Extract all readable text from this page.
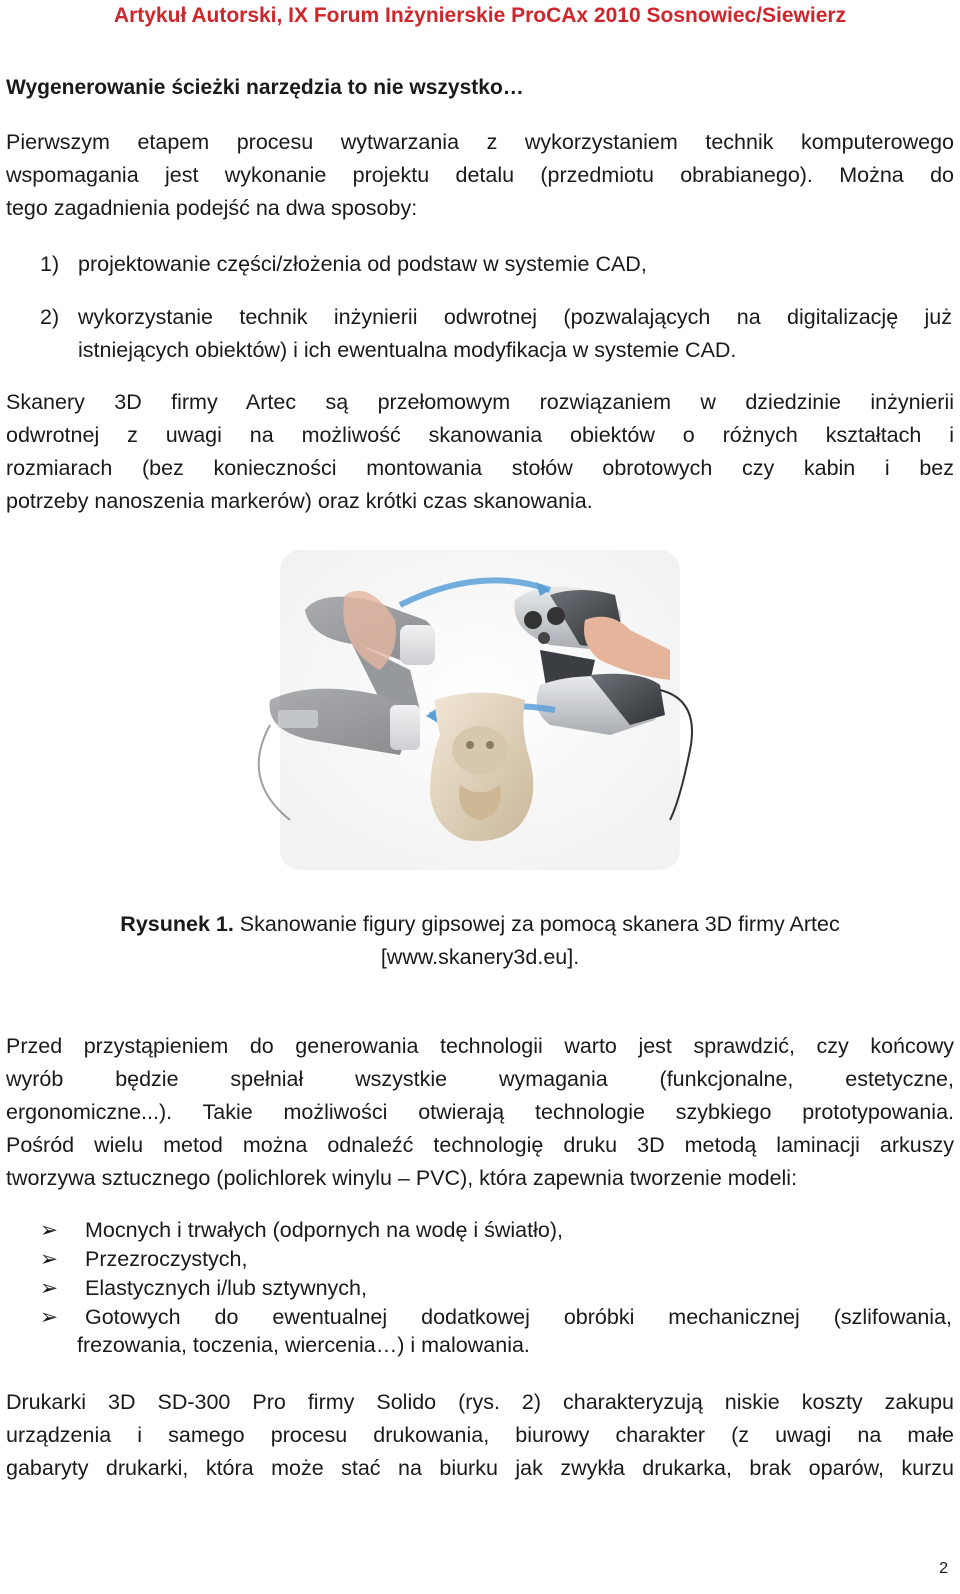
Artykuł Autorski, IX Forum Inżynierskie ProCAx 2010 Sosnowiec/Siewierz
Wygenerowanie ścieżki narzędzia to nie wszystko…
Pierwszym etapem procesu wytwarzania z wykorzystaniem technik komputerowego
wspomagania jest wykonanie projektu detalu (przedmiotu obrabianego). Można do
tego zagadnienia podejść na dwa sposoby:
1) projektowanie części/złożenia od podstaw w systemie CAD,
2) wykorzystanie technik inżynierii odwrotnej (pozwalających na digitalizację już
istniejących obiektów) i ich ewentualna modyfikacja w systemie CAD.
Skanery 3D firmy Artec są przełomowym rozwiązaniem w dziedzinie inżynierii
odwrotnej z uwagi na możliwość skanowania obiektów o różnych kształtach i
rozmiarach (bez konieczności montowania stołów obrotowych czy kabin i bez
potrzeby nanoszenia markerów) oraz krótki czas skanowania.
Rysunek 1. Skanowanie figury gipsowej za pomocą skanera 3D firmy Artec
[www.skanery3d.eu].
Przed przystąpieniem do generowania technologii warto jest sprawdzić, czy końcowy
wyrób będzie spełniał wszystkie wymagania (funkcjonalne, estetyczne,
ergonomiczne...). Takie możliwości otwierają technologie szybkiego prototypowania.
Pośród wielu metod można odnaleźć technologię druku 3D metodą laminacji arkuszy
tworzywa sztucznego (polichlorek winylu – PVC), która zapewnia tworzenie modeli:
➢ Mocnych i trwałych (odpornych na wodę i światło),
➢ Przezroczystych,
➢ Elastycznych i/lub sztywnych,
➢ Gotowych do ewentualnej dodatkowej obróbki mechanicznej (szlifowania,
frezowania, toczenia, wiercenia…) i malowania.
Drukarki 3D SD-300 Pro firmy Solido (rys. 2) charakteryzują niskie koszty zakupu
urządzenia i samego procesu drukowania, biurowy charakter (z uwagi na małe
gabaryty drukarki, która może stać na biurku jak zwykła drukarka, brak oparów, kurzu
2
